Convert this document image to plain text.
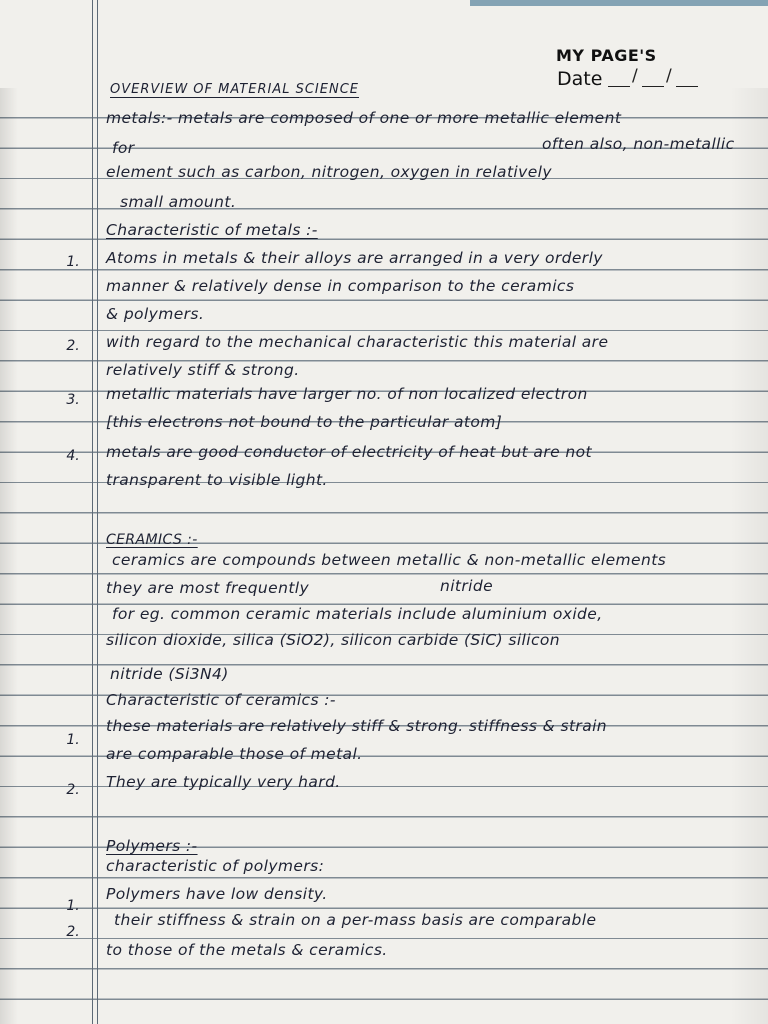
MY PAGE'S
Date / /
OVERVIEW OF MATERIAL SCIENCE
metals:- metals are composed of one or more metallic element
for	often also, non-metallic
element such as carbon, nitrogen, oxygen in relatively
small amount.
Characteristic of metals :-
1.	Atoms in metals & their alloys are arranged in a very orderly
manner & relatively dense in comparison to the ceramics
& polymers.
2.	with regard to the mechanical characteristic this material are
relatively stiff & strong.
3.	metallic materials have larger no. of non localized electron
[this electrons not bound to the particular atom]
4.	metals are good conductor of electricity of heat but are not
transparent to visible light.
CERAMICS :-
ceramics are compounds between metallic & non-metallic elements
they are most frequently	nitride
for eg. common ceramic materials include aluminium oxide,
silicon dioxide, silica (SiO2), silicon carbide (SiC) silicon
nitride (Si3N4)
Characteristic of ceramics :-
1.
these materials are relatively stiff & strong. stiffness & strain
are comparable those of metal.
2.	They are typically very hard.
Polymers :-
characteristic of polymers:
1.
Polymers have low density.
2.
their stiffness & strain on a per-mass basis are comparable
to those of the metals & ceramics.
